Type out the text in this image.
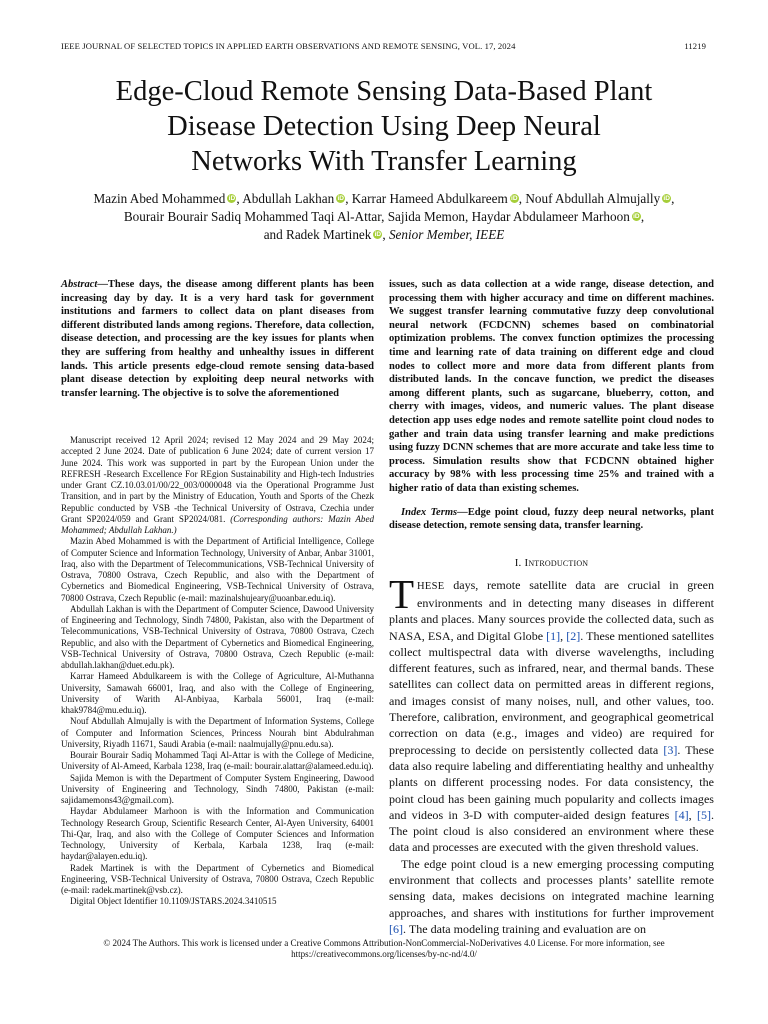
IEEE JOURNAL OF SELECTED TOPICS IN APPLIED EARTH OBSERVATIONS AND REMOTE SENSING, VOL. 17, 2024	11219
Edge-Cloud Remote Sensing Data-Based Plant
Disease Detection Using Deep Neural
Networks With Transfer Learning
Mazin Abed Mohammed iD, Abdullah Lakhan iD, Karrar Hameed Abdulkareem iD, Nouf Abdullah Almujally iD,
Bourair Bourair Sadiq Mohammed Taqi Al-Attar, Sajida Memon, Haydar Abdulameer Marhoon iD,
and Radek Martinek iD, Senior Member, IEEE

Abstract—These days, the disease among different plants has been increasing day by day. It is a very hard task for government institutions and farmers to collect data on plant diseases from different distributed lands among regions. Therefore, data collection, disease detection, and processing are the key issues for plants when they are suffering from healthy and unhealthy issues in different lands. This article presents edge-cloud remote sensing data-based plant disease detection by exploiting deep neural networks with transfer learning. The objective is to solve the aforementioned

Manuscript received 12 April 2024; revised 12 May 2024 and 29 May 2024; accepted 2 June 2024. Date of publication 6 June 2024; date of current version 17 June 2024. This work was supported in part by the European Union under the REFRESH -Research Excellence For REgion Sustainability and High-tech Industries under Grant CZ.10.03.01/00/22_003/0000048 via the Operational Programme Just Transition, and in part by the Ministry of Education, Youth and Sports of the Chezk Republic conducted by VSB -the Technical University of Ostrava, Czechia under Grant SP2024/059 and Grant SP2024/081. (Corresponding authors: Mazin Abed Mohammed; Abdullah Lakhan.)

Mazin Abed Mohammed is with the Department of Artificial Intelligence, College of Computer Science and Information Technology, University of Anbar, Anbar 31001, Iraq, also with the Department of Telecommunications, VSB-Technical University of Ostrava, 70800 Ostrava, Czech Republic, and also with the Department of Cybernetics and Biomedical Engineering, VSB-Technical University of Ostrava, 70800 Ostrava, Czech Republic (e-mail: mazinalshujeary@uoanbar.edu.iq).

Abdullah Lakhan is with the Department of Computer Science, Dawood University of Engineering and Technology, Sindh 74800, Pakistan, also with the Department of Telecommunications, VSB-Technical University of Ostrava, 70800 Ostrava, Czech Republic, and also with the Department of Cybernetics and Biomedical Engineering, VSB-Technical University of Ostrava, 70800 Ostrava, Czech Republic (e-mail: abdullah.lakhan@duet.edu.pk).

Karrar Hameed Abdulkareem is with the College of Agriculture, Al-Muthanna University, Samawah 66001, Iraq, and also with the College of Engineering, University of Warith Al-Anbiyaa, Karbala 56001, Iraq (e-mail: khak9784@mu.edu.iq).

Nouf Abdullah Almujally is with the Department of Information Systems, College of Computer and Information Sciences, Princess Nourah bint Abdulrahman University, Riyadh 11671, Saudi Arabia (e-mail: naalmujally@pnu.edu.sa).

Bourair Bourair Sadiq Mohammed Taqi Al-Attar is with the College of Medicine, University of Al-Ameed, Karbala 1238, Iraq (e-mail: bourair.alattar@alameed.edu.iq).

Sajida Memon is with the Department of Computer System Engineering, Dawood University of Engineering and Technology, Sindh 74800, Pakistan (e-mail: sajidamemons43@gmail.com).

Haydar Abdulameer Marhoon is with the Information and Communication Technology Research Group, Scientific Research Center, Al-Ayen University, 64001 Thi-Qar, Iraq, and also with the College of Computer Sciences and Information Technology, University of Kerbala, Karbala 1238, Iraq (e-mail: haydar@alayen.edu.iq).

Radek Martinek is with the Department of Cybernetics and Biomedical Engineering, VSB-Technical University of Ostrava, 70800 Ostrava, Czech Republic (e-mail: radek.martinek@vsb.cz).

Digital Object Identifier 10.1109/JSTARS.2024.3410515

issues, such as data collection at a wide range, disease detection, and processing them with higher accuracy and time on different machines. We suggest transfer learning commutative fuzzy deep convolutional neural network (FCDCNN) schemes based on combinatorial optimization problems. The convex function optimizes the processing time and learning rate of data training on different edge and cloud nodes to collect more and more data from different plants from distributed lands. In the concave function, we predict the diseases among different plants, such as sugarcane, blueberry, cotton, and cherry with images, videos, and numeric values. The plant disease detection app uses edge nodes and remote satellite point cloud nodes to gather and train data using transfer learning and make predictions using fuzzy DCNN schemes that are more accurate and take less time to process. Simulation results show that FCDCNN obtained higher accuracy by 98% with less processing time 25% and trained with a higher ratio of data than existing schemes.

Index Terms—Edge point cloud, fuzzy deep neural networks, plant disease detection, remote sensing data, transfer learning.

I. Introduction

THESE days, remote satellite data are crucial in green environments and in detecting many diseases in different plants and places. Many sources provide the collected data, such as NASA, ESA, and Digital Globe [1], [2]. These mentioned satellites collect multispectral data with diverse wavelengths, including different features, such as infrared, near, and thermal bands. These satellites can collect data on permitted areas in different regions, and images consist of many noises, null, and other values, too. Therefore, calibration, environment, and geographical geometrical correction on data (e.g., images and video) are required for preprocessing to decide on persistently collected data [3]. These data also require labeling and differentiating healthy and unhealthy plants on different processing nodes. For data consistency, the point cloud has been gaining much popularity and collects images and videos in 3-D with computer-aided design features [4], [5]. The point cloud is also considered an environment where these data and processes are executed with the given threshold values.

The edge point cloud is a new emerging processing computing environment that collects and processes plants’ satellite remote sensing data, makes decisions on integrated machine learning approaches, and shares with institutions for further improvement [6]. The data modeling training and evaluation are on

© 2024 The Authors. This work is licensed under a Creative Commons Attribution-NonCommercial-NoDerivatives 4.0 License. For more information, see
https://creativecommons.org/licenses/by-nc-nd/4.0/
